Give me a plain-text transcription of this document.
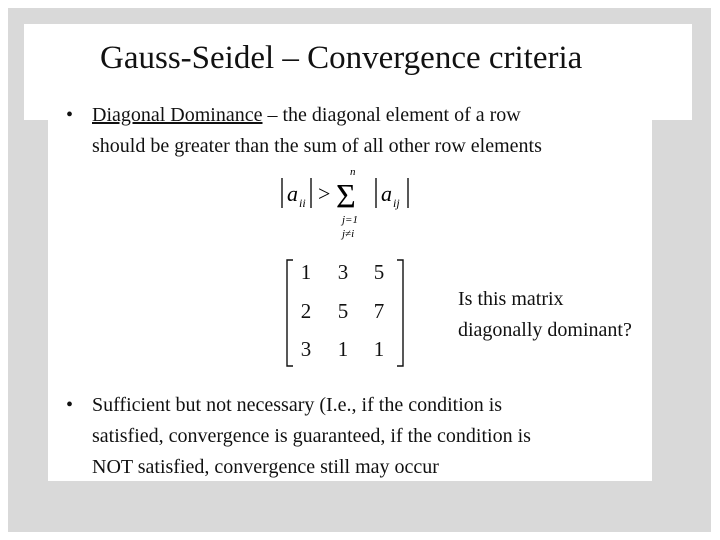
Gauss-Seidel – Convergence criteria
• Diagonal Dominance – the diagonal element of a row
should be greater than the sum of all other row elements
a ii >
n
Σ
j=1
j≠i
a ij
1 3 5
2 5 7
3 1 1
Is this matrix
diagonally dominant?
• Sufficient but not necessary (I.e., if the condition is
satisfied, convergence is guaranteed, if the condition is
NOT satisfied, convergence still may occur
